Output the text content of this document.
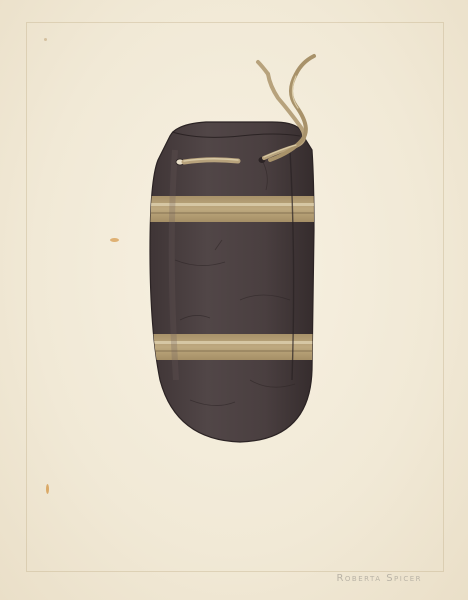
Roberta Spicer
